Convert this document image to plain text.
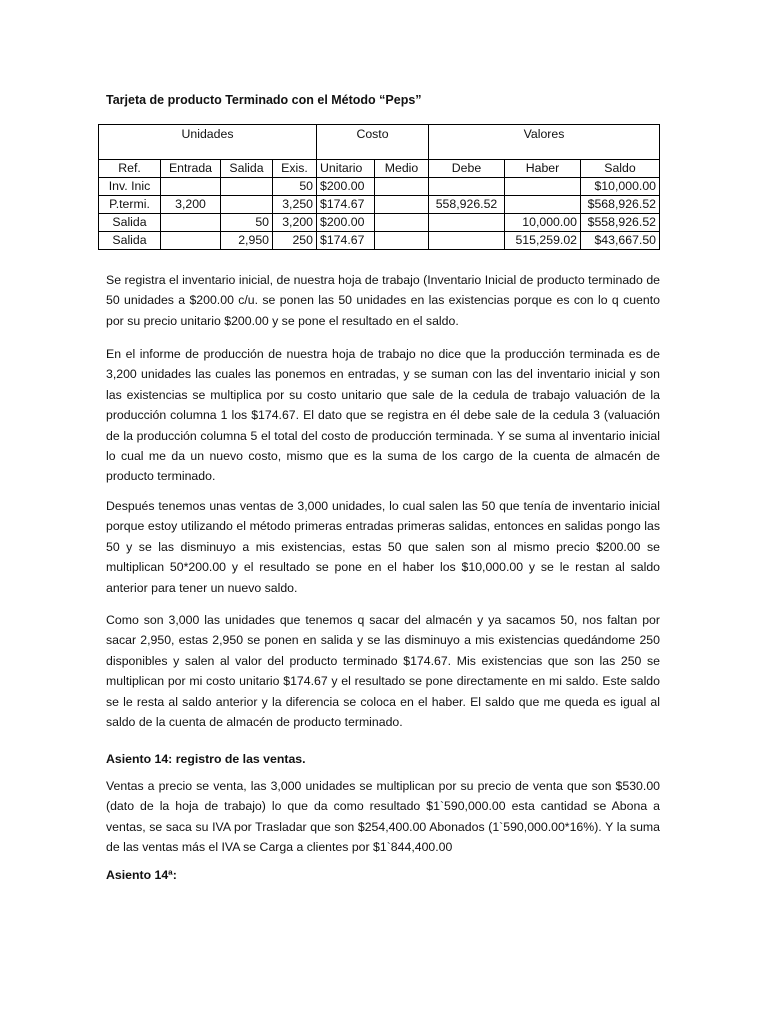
Tarjeta de producto Terminado con el Método “Peps”
Unidades				Costo		Valores		
Ref.	Entrada	Salida	Exis.	Unitario	Medio	Debe	Haber	Saldo
Inv. Inic			50	$200.00				$10,000.00
P.termi.	3,200		3,250	$174.67		558,926.52		$568,926.52
Salida		50	3,200	$200.00			10,000.00	$558,926.52
Salida		2,950	250	$174.67			515,259.02	$43,667.50

Se registra el inventario inicial, de nuestra hoja de trabajo (Inventario Inicial de producto terminado de 50 unidades a $200.00 c/u. se ponen las 50 unidades en las existencias porque es con lo q cuento por su precio unitario $200.00 y se pone el resultado en el saldo.

En el informe de producción de nuestra hoja de trabajo no dice que la producción terminada es de 3,200 unidades las cuales las ponemos en entradas, y se suman con las del inventario inicial y son las existencias se multiplica por su costo unitario que sale de la cedula de trabajo valuación de la producción columna 1 los $174.67. El dato que se registra en él debe sale de la cedula 3 (valuación de la producción columna 5 el total del costo de producción terminada. Y se suma al inventario inicial lo cual me da un nuevo costo, mismo que es la suma de los cargo de la cuenta de almacén de producto terminado.

Después tenemos unas ventas de 3,000 unidades, lo cual salen las 50 que tenía de inventario inicial porque estoy utilizando el método primeras entradas primeras salidas, entonces en salidas pongo las 50 y se las disminuyo a mis existencias, estas 50 que salen son al mismo precio $200.00 se multiplican 50*200.00 y el resultado se pone en el haber los $10,000.00 y se le restan al saldo anterior para tener un nuevo saldo.

Como son 3,000 las unidades que tenemos q sacar del almacén y ya sacamos 50, nos faltan por sacar 2,950, estas 2,950 se ponen en salida y se las disminuyo a mis existencias quedándome 250 disponibles y salen al valor del producto terminado $174.67. Mis existencias que son las 250 se multiplican por mi costo unitario $174.67 y el resultado se pone directamente en mi saldo. Este saldo se le resta al saldo anterior y la diferencia se coloca en el haber. El saldo que me queda es igual al saldo de la cuenta de almacén de producto terminado.

Asiento 14: registro de las ventas.

Ventas a precio se venta, las 3,000 unidades se multiplican por su precio de venta que son $530.00 (dato de la hoja de trabajo) lo que da como resultado $1`590,000.00 esta cantidad se Abona a ventas, se saca su IVA por Trasladar que son $254,400.00 Abonados (1`590,000.00*16%). Y la suma de las ventas más el IVA se Carga a clientes por $1`844,400.00

Asiento 14ª:
